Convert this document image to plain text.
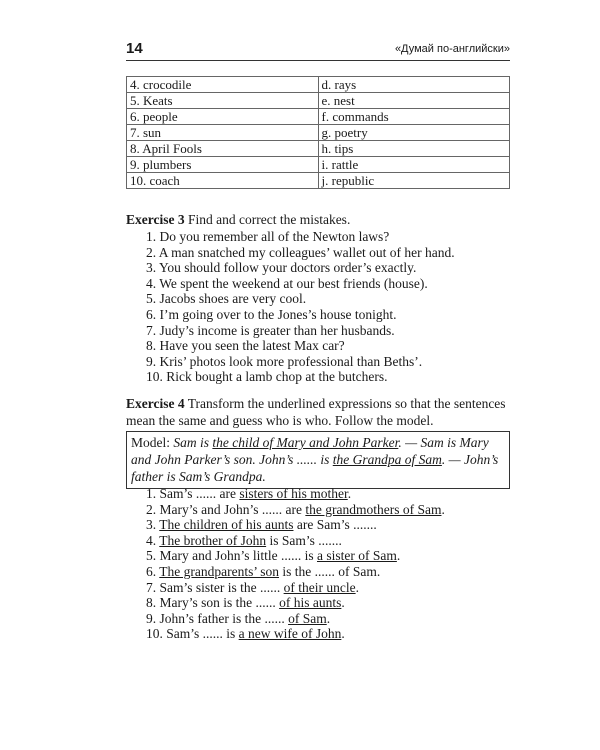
14	«Думай по-английски»
4. crocodile	d. rays
5. Keats	e. nest
6. people	f. commands
7. sun	g. poetry
8. April Fools	h. tips
9. plumbers	i. rattle
10. coach	j. republic
Exercise 3 Find and correct the mistakes.
1. Do you remember all of the Newton laws?
2. A man snatched my colleagues’ wallet out of her hand.
3. You should follow your doctors order’s exactly.
4. We spent the weekend at our best friends (house).
5. Jacobs shoes are very cool.
6. I’m going over to the Jones’s house tonight.
7. Judy’s income is greater than her husbands.
8. Have you seen the latest Max car?
9. Kris’ photos look more professional than Beths’.
10. Rick bought a lamb chop at the butchers.
Exercise 4 Transform the underlined expressions so that the sentences mean the same and guess who is who. Follow the model.
Model: Sam is the child of Mary and John Parker. — Sam is Mary and John Parker’s son. John’s ...... is the Grandpa of Sam. — John’s father is Sam’s Grandpa.
1. Sam’s ...... are sisters of his mother.
2. Mary’s and John’s ...... are the grandmothers of Sam.
3. The children of his aunts are Sam’s .......
4. The brother of John is Sam’s .......
5. Mary and John’s little ...... is a sister of Sam.
6. The grandparents’ son is the ...... of Sam.
7. Sam’s sister is the ...... of their uncle.
8. Mary’s son is the ...... of his aunts.
9. John’s father is the ...... of Sam.
10. Sam’s ...... is a new wife of John.
